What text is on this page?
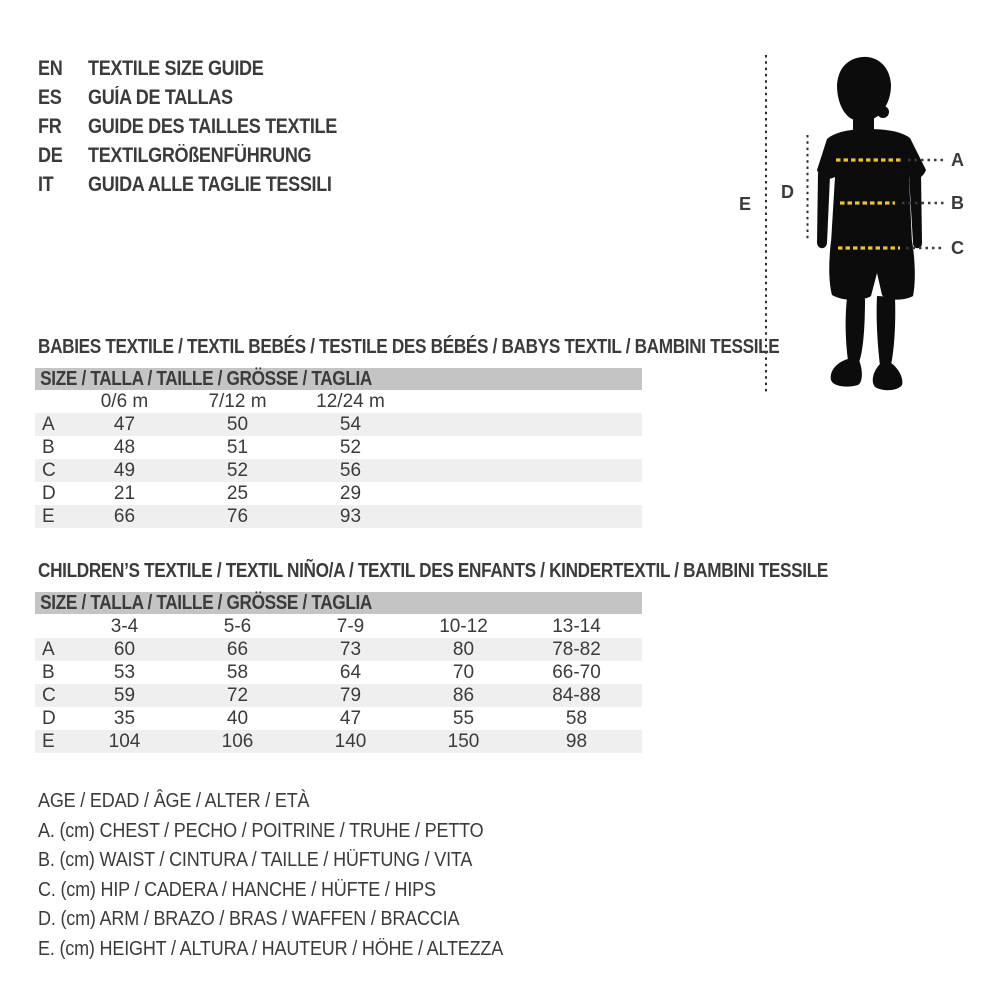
EN TEXTILE SIZE GUIDE
ES GUÍA DE TALLAS
FR GUIDE DES TAILLES TEXTILE
DE TEXTILGRÖßENFÜHRUNG
IT GUIDA ALLE TAGLIE TESSILI
E
D
A
B
C
BABIES TEXTILE / TEXTIL BEBÉS / TESTILE DES BÉBÉS / BABYS TEXTIL / BAMBINI TESSILE
SIZE / TALLA / TAILLE / GRÖSSE / TAGLIA
	0/6 m	7/12 m	12/24 m	
A	47	50	54	
B	48	51	52	
C	49	52	56	
D	21	25	29	
E	66	76	93	
CHILDREN’S TEXTILE / TEXTIL NIÑO/A / TEXTIL DES ENFANTS / KINDERTEXTIL / BAMBINI TESSILE
SIZE / TALLA / TAILLE / GRÖSSE / TAGLIA
	3-4	5-6	7-9	10-12	13-14	
A	60	66	73	80	78-82	
B	53	58	64	70	66-70	
C	59	72	79	86	84-88	
D	35	40	47	55	58	
E	104	106	140	150	98	
AGE / EDAD / ÂGE / ALTER / ETÀ
A. (cm) CHEST / PECHO / POITRINE / TRUHE / PETTO
B. (cm) WAIST / CINTURA / TAILLE / HÜFTUNG / VITA
C. (cm) HIP / CADERA / HANCHE / HÜFTE / HIPS
D. (cm) ARM / BRAZO / BRAS / WAFFEN / BRACCIA
E. (cm) HEIGHT / ALTURA / HAUTEUR / HÖHE / ALTEZZA
